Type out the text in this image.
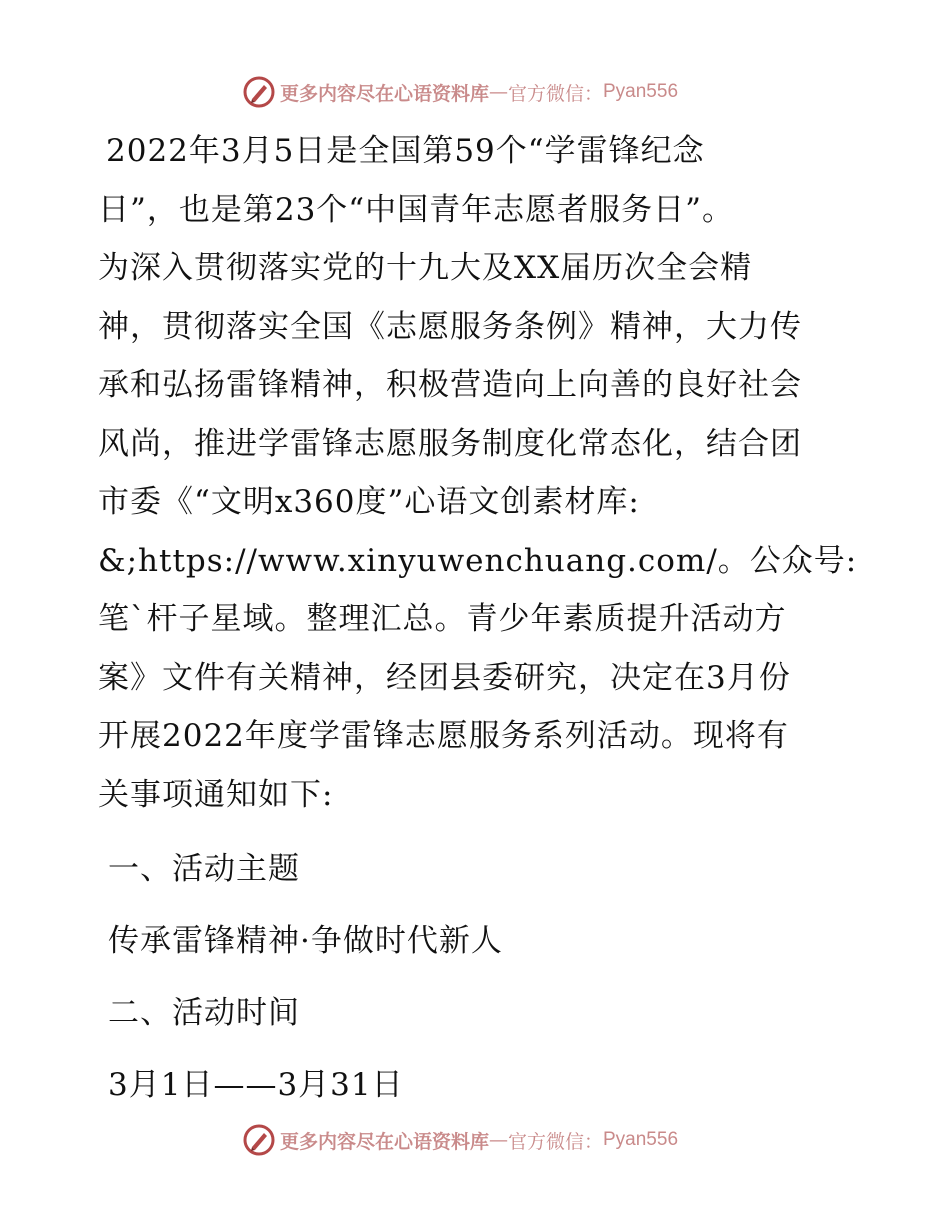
更多内容尽在心语资料库 — 官方微信： Pyan556

2022年3月5日是全国第59个“学雷锋纪念
日”，也是第23个“中国青年志愿者服务日”。
为深入贯彻落实党的十九大及XX届历次全会精
神，贯彻落实全国《志愿服务条例》精神，大力传
承和弘扬雷锋精神，积极营造向上向善的良好社会
风尚，推进学雷锋志愿服务制度化常态化，结合团
市委《“文明x360度”心语文创素材库:
&;https://www.xinyuwenchuang.com/。公众号:
笔`杆子星域。整理汇总。青少年素质提升活动方
案》文件有关精神，经团县委研究，决定在3月份
开展2022年度学雷锋志愿服务系列活动。现将有
关事项通知如下:

一、活动主题

传承雷锋精神·争做时代新人

二、活动时间

3月1日——3月31日

更多内容尽在心语资料库 — 官方微信： Pyan556
